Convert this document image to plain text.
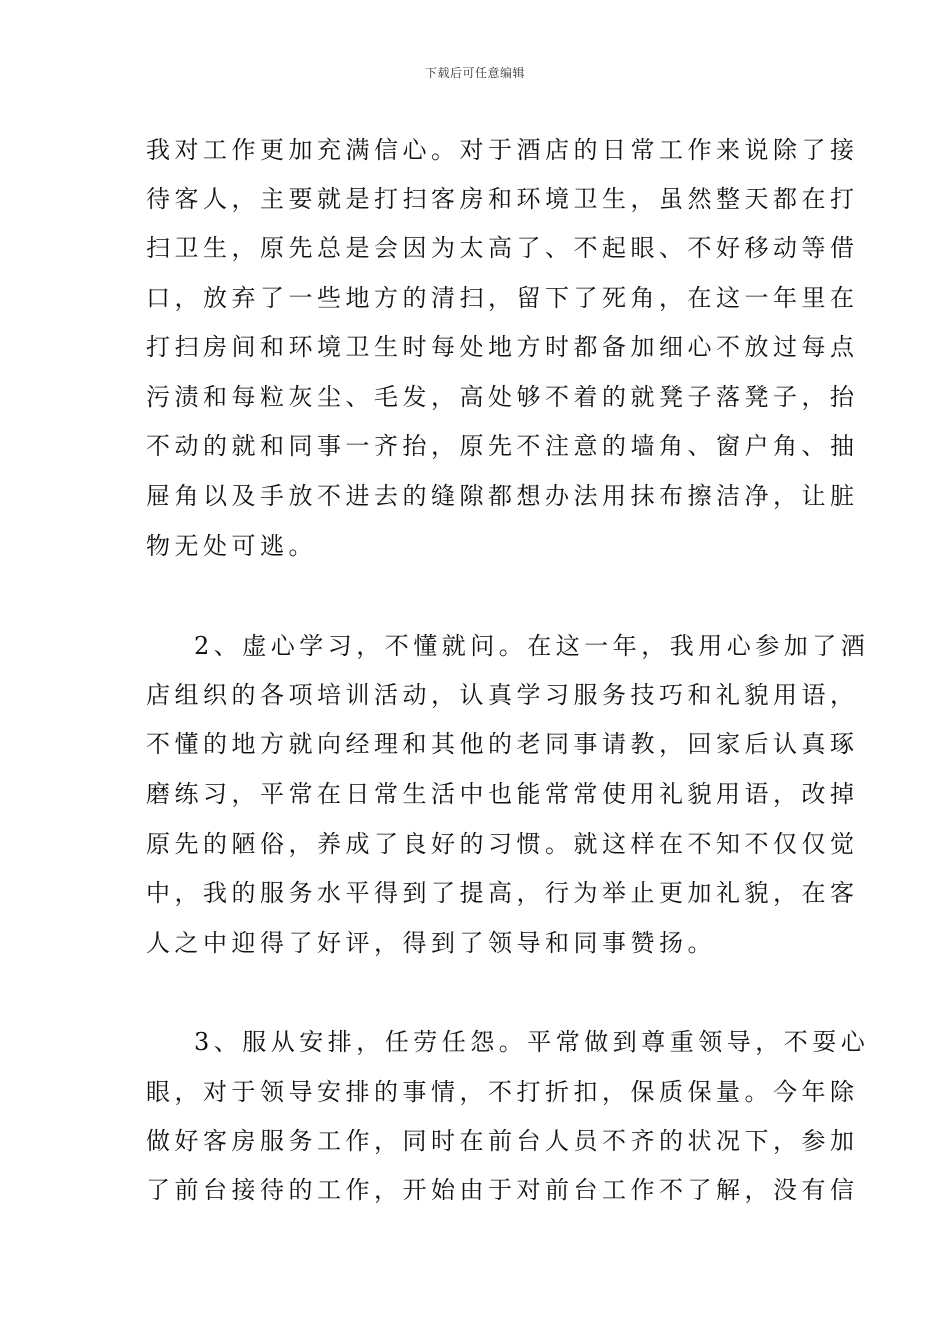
下载后可任意编辑
我对工作更加充满信心。对于酒店的日常工作来说除了接
待客人，主要就是打扫客房和环境卫生，虽然整天都在打
扫卫生，原先总是会因为太高了、不起眼、不好移动等借
口，放弃了一些地方的清扫，留下了死角，在这一年里在
打扫房间和环境卫生时每处地方时都备加细心不放过每点
污渍和每粒灰尘、毛发，高处够不着的就凳子落凳子，抬
不动的就和同事一齐抬，原先不注意的墙角、窗户角、抽
屉角以及手放不进去的缝隙都想办法用抹布擦洁净，让脏
物无处可逃。
2、虚心学习，不懂就问。在这一年，我用心参加了酒
店组织的各项培训活动，认真学习服务技巧和礼貌用语，
不懂的地方就向经理和其他的老同事请教，回家后认真琢
磨练习，平常在日常生活中也能常常使用礼貌用语，改掉
原先的陋俗，养成了良好的习惯。就这样在不知不仅仅觉
中，我的服务水平得到了提高，行为举止更加礼貌，在客
人之中迎得了好评，得到了领导和同事赞扬。
3、服从安排，任劳任怨。平常做到尊重领导，不耍心
眼，对于领导安排的事情，不打折扣，保质保量。今年除
做好客房服务工作，同时在前台人员不齐的状况下，参加
了前台接待的工作，开始由于对前台工作不了解，没有信
